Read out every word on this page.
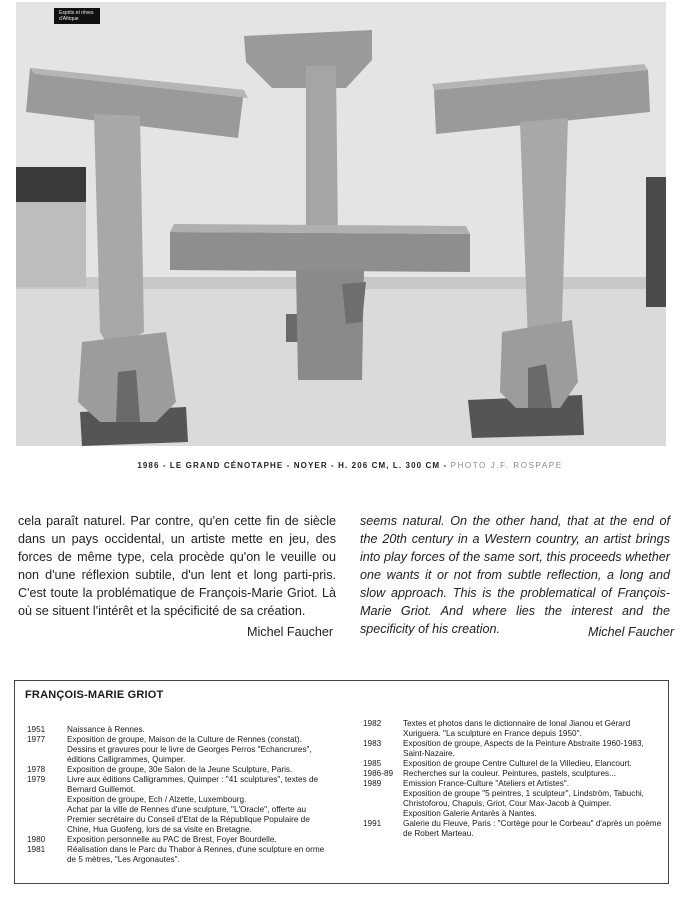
Esprits et rêves d'Afrique
1986 - LE GRAND CÉNOTAPHE - NOYER - H. 206 CM, L. 300 CM - PHOTO J.F. ROSPAPE

cela paraît naturel. Par contre, qu'en cette fin de siècle dans un pays occidental, un artiste mette en jeu, des forces de même type, cela procède qu'on le veuille ou non d'une réflexion subtile, d'un lent et long parti-pris. C'est toute la problématique de François-Marie Griot. Là où se situent l'intérêt et la spécificité de sa création.

seems natural. On the other hand, that at the end of the 20th century in a Western country, an artist brings into play forces of the same sort, this proceeds whether one wants it or not from subtle reflection, a long and slow approach. This is the problematical of François-Marie Griot. And where lies the interest and the specificity of his creation.

Michel Faucher	Michel Faucher
FRANÇOIS-MARIE GRIOT
1951	Naissance à Rennes.
1977	Exposition de groupe, Maison de la Culture de Rennes (constat).
Dessins et gravures pour le livre de Georges Perros "Echancrures", éditions Calligrammes, Quimper.
1978	Exposition de groupe, 30e Salon de la Jeune Sculpture, Paris.
1979	Livre aux éditions Calligrammes, Quimper : "41 sculptures", textes de Bernard Guillemot.
Exposition de groupe, Ech / Alzette, Luxembourg.
Achat par la ville de Rennes d'une sculpture, "L'Oracle", offerte au Premier secrétaire du Conseil d'Etat de la République Populaire de Chine, Hua Guofeng, lors de sa visite en Bretagne.
1980	Exposition personnelle au PAC de Brest, Foyer Bourdelle.
1981	Réalisation dans le Parc du Thabor à Rennes, d'une sculpture en orme de 5 mètres, "Les Argonautes".
1982	Textes et photos dans le dictionnaire de Ional Jianou et Gérard Xuriguera. "La sculpture en France depuis 1950".
1983	Exposition de groupe, Aspects de la Peinture Abstraite 1960-1983, Saint-Nazaire.
1985	Exposition de groupe Centre Culturel de la Villedieu, Elancourt.
1986-89	Recherches sur la couleur. Peintures, pastels, sculptures...
1989	Emission France-Culture "Ateliers et Artistes".
Exposition de groupe "5 peintres, 1 sculpteur", Lindström, Tabuchi, Christoforou, Chapuis, Griot, Cour Max-Jacob à Quimper.
Exposition Galerie Antarès à Nantes.
1991	Galerie du Fleuve, Paris : "Cortège pour le Corbeau" d'après un poème de Robert Marteau.
